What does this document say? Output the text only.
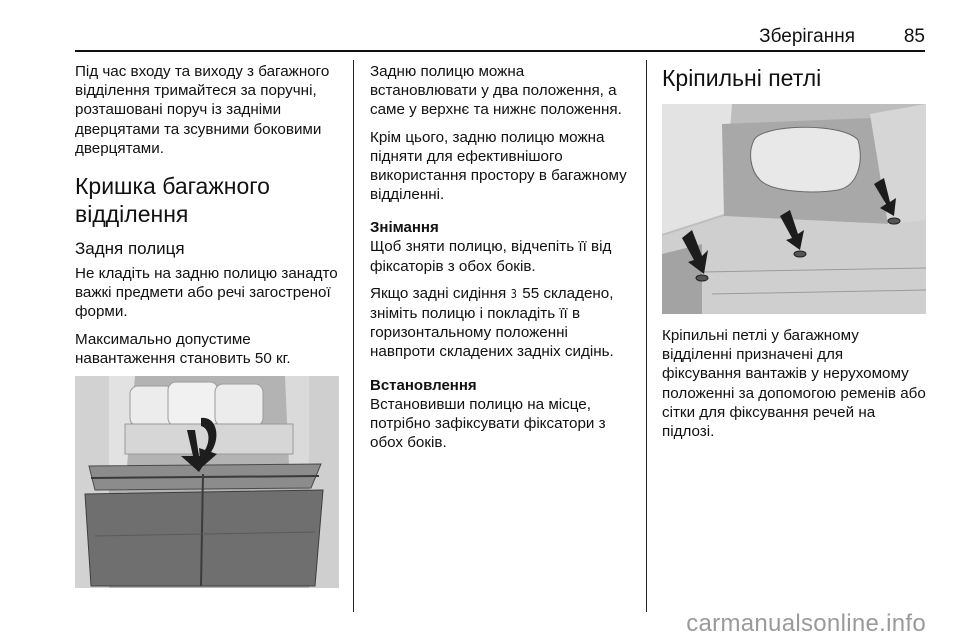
Зберігання	85

Під час входу та виходу з багажного відділення тримайтеся за поручні, розташовані поруч із задніми дверцятами та зсувними боковими дверцятами.

Кришка багажного відділення
Задня полиця

Не кладіть на задню полицю занадто важкі предмети або речі загостреної форми.

Максимально допустиме навантаження становить 50 кг.

Задню полицю можна встановлювати у два положення, а саме у верхнє та нижнє положення.

Крім цього, задню полицю можна підняти для ефективнішого використання простору в багажному відділенні.

Знімання

Щоб зняти полицю, відчепіть її від фіксаторів з обох боків.

Якщо задні сидіння 3 55 складено, зніміть полицю і покладіть її в горизонтальному положенні навпроти складених задніх сидінь.

Встановлення

Встановивши полицю на місце, потрібно зафіксувати фіксатори з обох боків.

Кріпильні петлі

Кріпильні петлі у багажному відділенні призначені для фіксування вантажів у нерухомому положенні за допомогою ременів або сітки для фіксування речей на підлозі.

carmanualsonline.info
